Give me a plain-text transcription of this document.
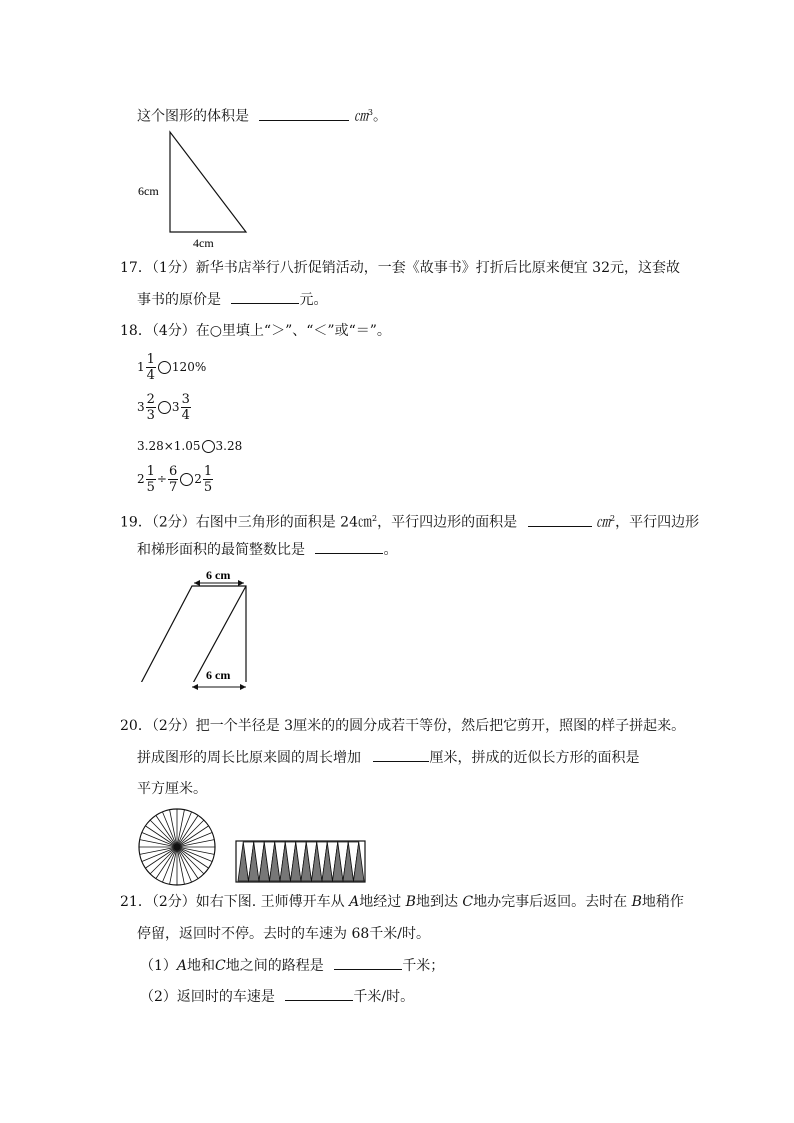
这个图形的体积是	㎝$^3$。
6cm
4cm
17．（1分）新华书店举行八折促销活动，一套《故事书》打折后比原来便宜 32元，这套故
事书的原价是	元。
18．（4分）在○里填上“＞”、“＜”或“＝”。
$1 \frac{1}{4} 120\%$
$3 \frac{2}{3} 3 \frac{3}{4}$
3.28×1.05 3.28
$2 \frac{1}{5} \div \frac{6}{7} 2 \frac{1}{5}$
19．（2分）右图中三角形的面积是 24㎝$^2$，平行四边形的面积是	㎝$^2$，平行四边形
和梯形面积的最简整数比是	。
6 cm
6 cm
20．（2分）把一个半径是 3厘米的的圆分成若干等份，然后把它剪开，照图的样子拼起来。
拼成图形的周长比原来圆的周长增加	厘米，拼成的近似长方形的面积是
平方厘米。
21．（2分）如右下图. 王师傅开车从 A地经过 B地到达 C地办完事后返回。去时在 B地稍作
停留，返回时不停。去时的车速为 68千米/时。
（1）A地和C地之间的路程是	千米；
（2）返回时的车速是	千米/时。
